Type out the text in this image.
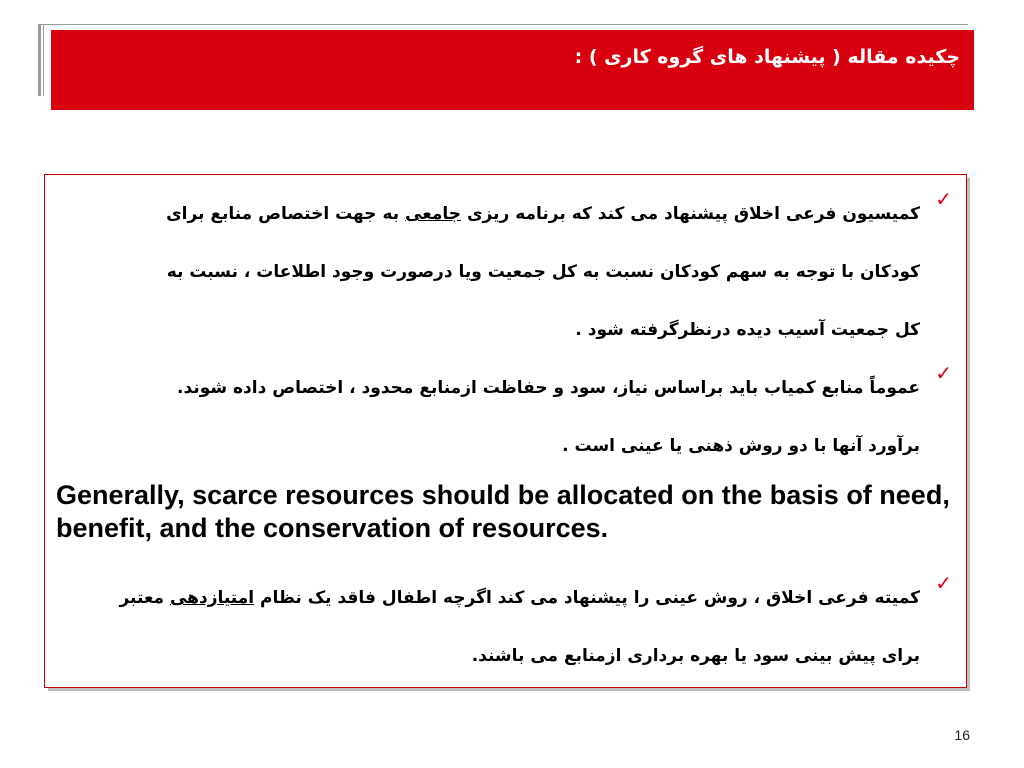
چکیده مقاله ( پیشنهاد های گروه کاری ) :
✓
کمیسیون فرعی اخلاق پیشنهاد می کند که برنامه ریزی جامعی به جهت اختصاص منابع برای
کودکان با توجه به سهم کودکان نسبت به کل جمعیت ویا درصورت وجود اطلاعات ، نسبت به
کل جمعیت آسیب دیده درنظرگرفته شود .
✓
عموماً منابع کمیاب باید براساس نیاز، سود و حفاظت ازمنابع محدود ، اختصاص داده شوند.
برآورد آنها با دو روش ذهنی یا عینی است .
Generally, scarce resources should be allocated on the basis of need, benefit, and the conservation of resources.
✓
کمیته فرعی اخلاق ، روش عینی را پیشنهاد می کند اگرچه اطفال فاقد یک نظام امتیازدهی معتبر
برای پیش بینی سود یا بهره برداری ازمنابع می باشند.
16
